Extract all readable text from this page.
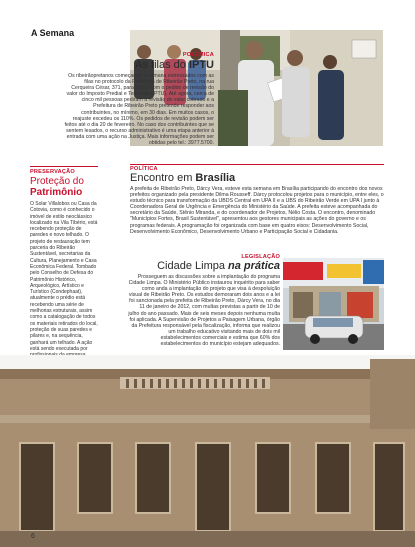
A Semana
POLÊMICA
As filas do IPTU

Os ribeirãopretanos começaram a semana estressados com as filas no protocolo da Prefeitura de Ribeirão Preto, na rua Cerqueira César, 371, para entrar com o pedido de revisão do valor do Imposto Predial e Territorial (IPTU). Até agora, cerca de cinco mil pessoas pediram a revisão do valor cobrado e a Prefeitura de Ribeirão Preto pretende responder aos contribuintes, no mínimo, em 30 dias. Em muitos casos, o reajuste excedeu os 110%. Os pedidos de revisão podem ser feitos até o dia 20 de fevereiro. No caso dos contribuintes que se sentem lesados, o recurso administrativo é uma etapa anterior à entrada com uma ação na Justiça. Mais informações podem ser obtidas pelo tel.: 3977.5700.

PRESERVAÇÃO
Proteção do
Patrimônio

O Solar Villalobos ou Casa da Cotovia, como é conhecido o imóvel de estilo neoclássico localizado na Vila Tibério, está recebendo proteção de paredes e novo telhado. O projeto de restauração tem parceria do Ribeirão Sustentável, secretarias da Cultura, Planejamento e Casa Econômica Federal. Tombado pelo Conselho de Defesa do Patrimônio Histórico, Arqueológico, Artístico e Turístico (Condephaat), atualmente o prédio está recebendo uma série de melhorias estruturais, assim como a catalogação de todos os materiais retirados do local, proteção de suas paredes e pilares e, na sequência, ganhará um telhado. A ação está sendo executada por

POLÍTICA
Encontro em Brasília

A prefeita de Ribeirão Preto, Dárcy Vera, esteve esta semana em Brasília participando do encontro dos novos prefeitos organizado pela presidente Dilma Rousseff. Dárcy protocolou projetos para o município, entre eles, o estudo técnico para transformação da UBDS Central em UPA II e a UBS do Ribeirão Verde em UPA I junto à Coordenadora Geral de Urgência e Emergência do Ministério da Saúde. A prefeita esteve acompanhada do secretário da Saúde, Stênio Miranda, e do coordenador de Projetos, Nélio Costa. O encontro, denominado "Municípios Fortes, Brasil Sustentável", apresentou aos gestores municipais as ações do governo e os programas federais. A programação foi organizada com base em quatro eixos: Desenvolvimento Social, Desenvolvimento Econômico, Desenvolvimento Urbano e Participação Social e Cidadania.

LEGISLAÇÃO
Cidade Limpa na prática

Prosseguem as discussões sobre a implantação do programa Cidade Limpa. O Ministério Público instaurou inquérito para saber como anda a implantação do projeto que visa à despoluição visual de Ribeirão Preto. Os estudos demoraram dois anos e a lei foi sancionada pela prefeita de Ribeirão Preto, Dárcy Vera, no dia 11 de janeiro de 2012, com multas previstas a partir de 10 de julho do ano passado. Mais de seis meses depois nenhuma multa foi aplicada. A Supervisão de Projetos a Paisagem Urbana, órgão da Prefeitura responsável pela fiscalização, informa que realizou um trabalho educativo visitando mais de dois mil estabelecimentos comerciais e estima que 60% dos estabelecimentos do município estejam adequados.

6
